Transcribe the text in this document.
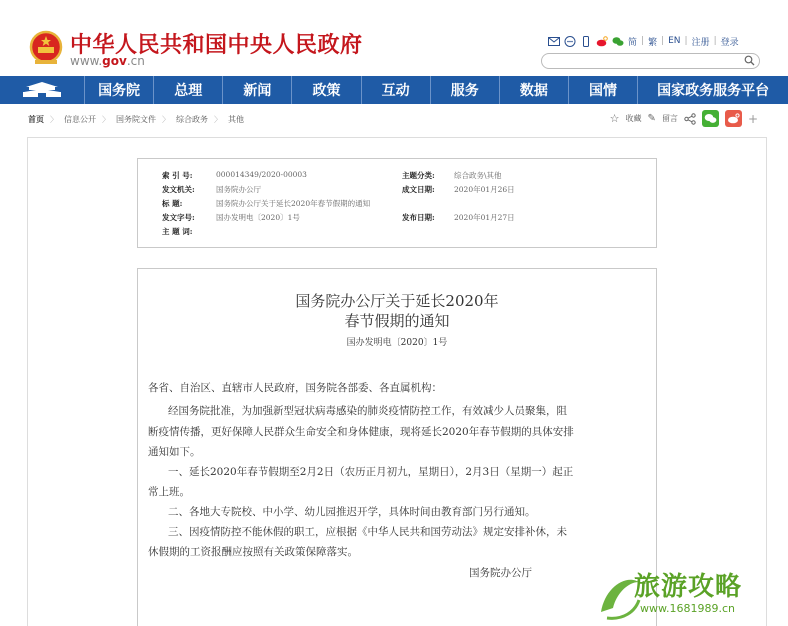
中华人民共和国中央人民政府
www.gov.cn
简 | 繁 | EN | 注册 | 登录
国务院	总理	新闻	政策	互动	服务	数据	国情	国家政务服务平台
首页 〉 信息公开 〉 国务院文件 〉 综合政务 〉 其他	☆ 收藏 ✎ 留言	+
索 引 号:	000014349/2020-00003	主题分类:	综合政务\其他
发文机关:	国务院办公厅	成文日期:	2020年01月26日
标 题:	国务院办公厅关于延长2020年春节假期的通知
发文字号:	国办发明电〔2020〕1号	发布日期:	2020年01月27日
主 题 词:
国务院办公厅关于延长2020年
春节假期的通知
国办发明电〔2020〕1号
各省、自治区、直辖市人民政府，国务院各部委、各直属机构：
经国务院批准，为加强新型冠状病毒感染的肺炎疫情防控工作，有效减少人员聚集，阻
断疫情传播，更好保障人民群众生命安全和身体健康，现将延长2020年春节假期的具体安排
通知如下。
一、延长2020年春节假期至2月2日（农历正月初九，星期日），2月3日（星期一）起正
常上班。
二、各地大专院校、中小学、幼儿园推迟开学，具体时间由教育部门另行通知。
三、因疫情防控不能休假的职工，应根据《中华人民共和国劳动法》规定安排补休，未
休假期的工资报酬应按照有关政策保障落实。
国务院办公厅	旅游攻略
www.1681989.cn
